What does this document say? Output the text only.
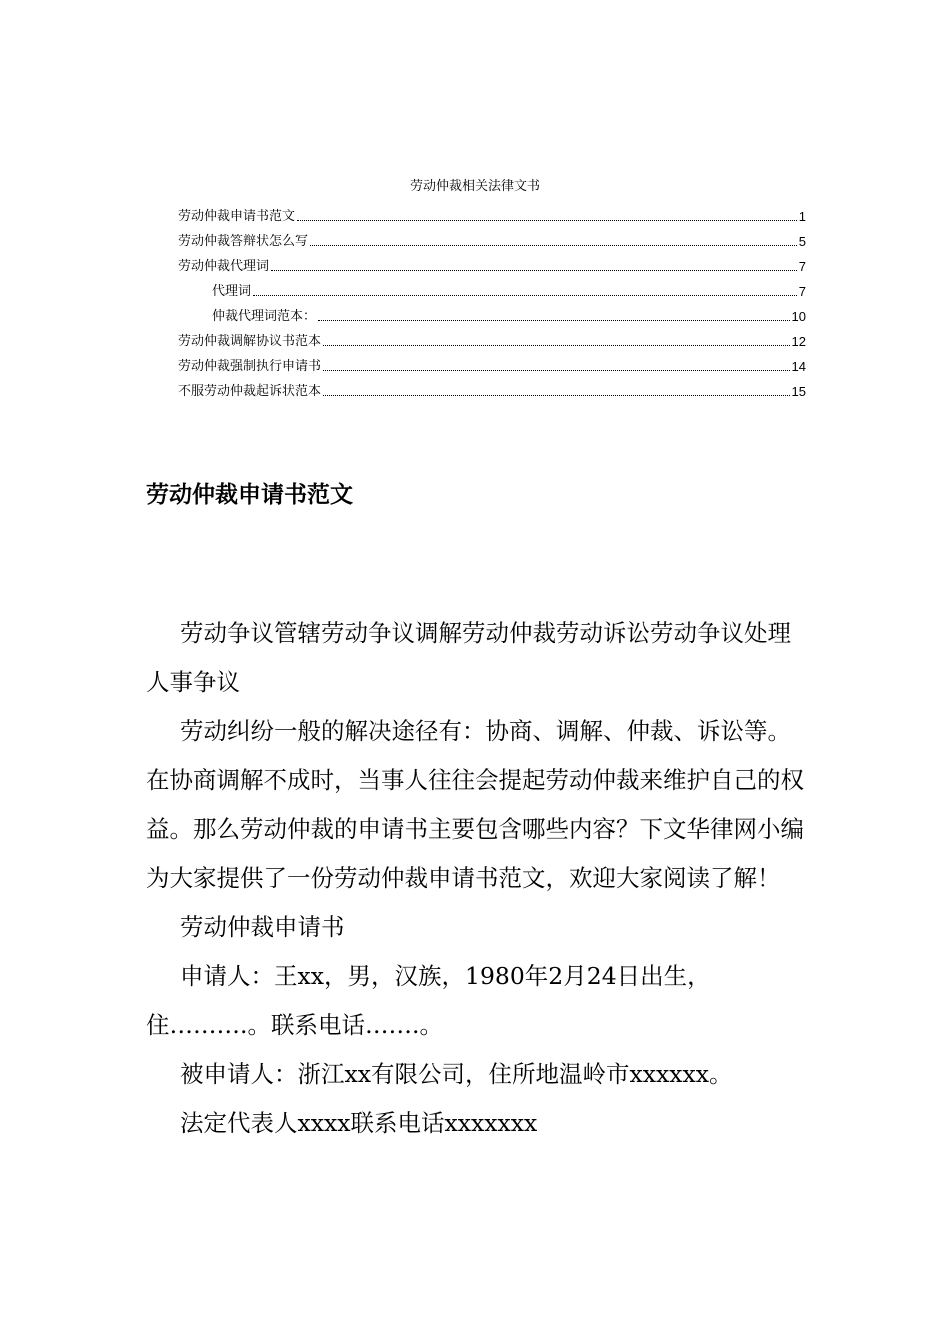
劳动仲裁相关法律文书
劳动仲裁申请书范文	1
劳动仲裁答辩状怎么写	5
劳动仲裁代理词	7
代理词	7
仲裁代理词范本：	10
劳动仲裁调解协议书范本	12
劳动仲裁强制执行申请书	14
不服劳动仲裁起诉状范本	15
劳动仲裁申请书范文

劳动争议管辖劳动争议调解劳动仲裁劳动诉讼劳动争议处理人事争议

劳动纠纷一般的解决途径有：协商、调解、仲裁、诉讼等。在协商调解不成时，当事人往往会提起劳动仲裁来维护自己的权益。那么劳动仲裁的申请书主要包含哪些内容？下文华律网小编为大家提供了一份劳动仲裁申请书范文，欢迎大家阅读了解！

劳动仲裁申请书

申请人：王xx，男，汉族，1980年2月24日出生，住……….。联系电话…….。

被申请人：浙江xx有限公司，住所地温岭市xxxxxx。

法定代表人xxxx联系电话xxxxxxx
